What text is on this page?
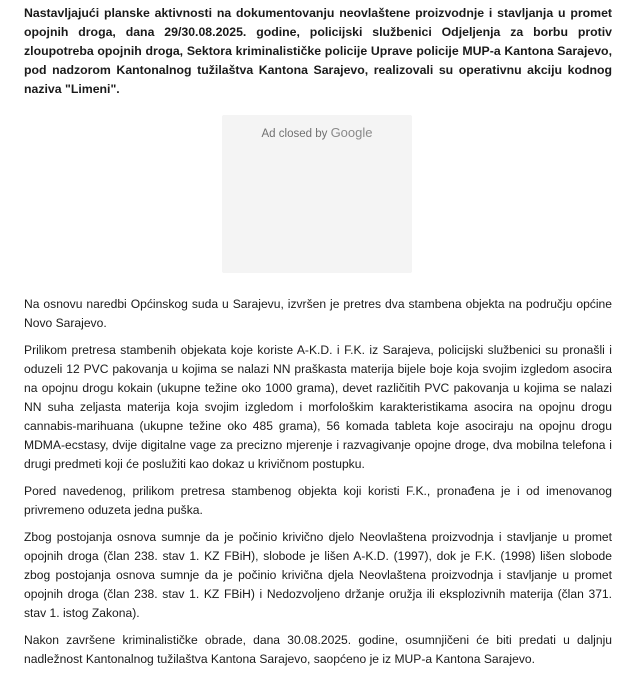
Nastavljajući planske aktivnosti na dokumentovanju neovlaštene proizvodnje i stavljanja u promet opojnih droga, dana 29/30.08.2025. godine, policijski službenici Odjeljenja za borbu protiv zloupotreba opojnih droga, Sektora kriminalističke policije Uprave policije MUP-a Kantona Sarajevo, pod nadzorom Kantonalnog tužilaštva Kantona Sarajevo, realizovali su operativnu akciju kodnog naziva "Limeni".

Ad closed by Google

Na osnovu naredbi Općinskog suda u Sarajevu, izvršen je pretres dva stambena objekta na području općine Novo Sarajevo.

Prilikom pretresa stambenih objekata koje koriste A-K.D. i F.K. iz Sarajeva, policijski službenici su pronašli i oduzeli 12 PVC pakovanja u kojima se nalazi NN praškasta materija bijele boje koja svojim izgledom asocira na opojnu drogu kokain (ukupne težine oko 1000 grama), devet različitih PVC pakovanja u kojima se nalazi NN suha zeljasta materija koja svojim izgledom i morfološkim karakteristikama asocira na opojnu drogu cannabis-marihuana (ukupne težine oko 485 grama), 56 komada tableta koje asociraju na opojnu drogu MDMA-ecstasy, dvije digitalne vage za precizno mjerenje i razvagivanje opojne droge, dva mobilna telefona i drugi predmeti koji će poslužiti kao dokaz u krivičnom postupku.

Pored navedenog, prilikom pretresa stambenog objekta koji koristi F.K., pronađena je i od imenovanog privremeno oduzeta jedna puška.

Zbog postojanja osnova sumnje da je počinio krivično djelo Neovlaštena proizvodnja i stavljanje u promet opojnih droga (član 238. stav 1. KZ FBiH), slobode je lišen A-K.D. (1997), dok je F.K. (1998) lišen slobode zbog postojanja osnova sumnje da je počinio krivična djela Neovlaštena proizvodnja i stavljanje u promet opojnih droga (član 238. stav 1. KZ FBiH) i Nedozvoljeno držanje oružja ili eksplozivnih materija (član 371. stav 1. istog Zakona).

Nakon završene kriminalističke obrade, dana 30.08.2025. godine, osumnjičeni će biti predati u daljnju nadležnost Kantonalnog tužilaštva Kantona Sarajevo, saopćeno je iz MUP-a Kantona Sarajevo.
